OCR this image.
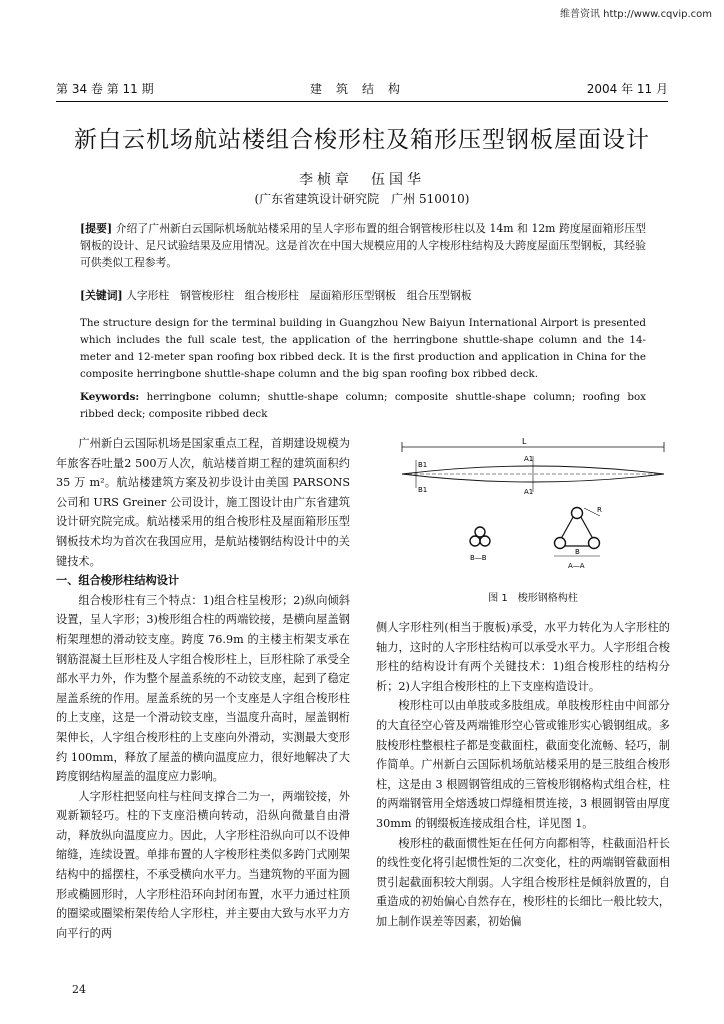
维普资讯 http://www.cqvip.com
第 34 卷 第 11 期	建筑结构	2004 年 11 月
新白云机场航站楼组合梭形柱及箱形压型钢板屋面设计
李桢章　伍国华
(广东省建筑设计研究院　广州 510010)
[提要] 介绍了广州新白云国际机场航站楼采用的呈人字形布置的组合钢管梭形柱以及 14m 和 12m 跨度屋面箱形压型钢板的设计、足尺试验结果及应用情况。这是首次在中国大规模应用的人字梭形柱结构及大跨度屋面压型钢板，其经验可供类似工程参考。
[关键词] 人字形柱　钢管梭形柱　组合梭形柱　屋面箱形压型钢板　组合压型钢板
The structure design for the terminal building in Guangzhou New Baiyun International Airport is presented which includes the full scale test, the application of the herringbone shuttle-shape column and the 14-meter and 12-meter span roofing box ribbed deck. It is the first production and application in China for the composite herringbone shuttle-shape column and the big span roofing box ribbed deck.
Keywords: herringbone column; shuttle-shape column; composite shuttle-shape column; roofing box ribbed deck; composite ribbed deck

广州新白云国际机场是国家重点工程，首期建设规模为年旅客吞吐量2 500万人次，航站楼首期工程的建筑面积约 35 万 m²。航站楼建筑方案及初步设计由美国 PARSONS 公司和 URS Greiner 公司设计，施工图设计由广东省建筑设计研究院完成。航站楼采用的组合梭形柱及屋面箱形压型钢板技术均为首次在我国应用，是航站楼钢结构设计中的关键技术。

一、组合梭形柱结构设计

组合梭形柱有三个特点：1)组合柱呈梭形；2)纵向倾斜设置，呈人字形；3)梭形组合柱的两端铰接，是横向屋盖钢桁架理想的滑动铰支座。跨度 76.9m 的主楼主桁架支承在钢筋混凝土巨形柱及人字组合梭形柱上，巨形柱除了承受全部水平力外，作为整个屋盖系统的不动铰支座，起到了稳定屋盖系统的作用。屋盖系统的另一个支座是人字组合梭形柱的上支座，这是一个滑动铰支座，当温度升高时，屋盖钢桁架伸长，人字组合梭形柱的上支座向外滑动，实测最大变形约 100mm，释放了屋盖的横向温度应力，很好地解决了大跨度钢结构屋盖的温度应力影响。

人字形柱把竖向柱与柱间支撑合二为一，两端铰接，外观新颖轻巧。柱的下支座沿横向转动，沿纵向微量自由滑动，释放纵向温度应力。因此，人字形柱沿纵向可以不设伸缩缝，连续设置。单排布置的人字梭形柱类似多跨门式刚架结构中的摇摆柱，不承受横向水平力。当建筑物的平面为圆形或椭圆形时，人字形柱沿环向封闭布置，水平力通过柱顶的圈梁或圈梁桁架传给人字形柱，并主要由大致与水平力方向平行的两

L
A1
A1
B1
B1
B—B
B
R
A—A
图 1　梭形钢格构柱

侧人字形柱列(相当于腹板)承受，水平力转化为人字形柱的轴力，这时的人字形柱结构可以承受水平力。人字形组合梭形柱的结构设计有两个关键技术：1)组合梭形柱的结构分析；2)人字组合梭形柱的上下支座构造设计。

梭形柱可以由单肢或多肢组成。单肢梭形柱由中间部分的大直径空心管及两端锥形空心管或锥形实心锻钢组成。多肢梭形柱整根柱子都是变截面柱，截面变化流畅、轻巧，制作简单。广州新白云国际机场航站楼采用的是三肢组合梭形柱，这是由 3 根圆钢管组成的三管梭形钢格构式组合柱，柱的两端钢管用全熔透坡口焊缝相贯连接，3 根圆钢管由厚度 30mm 的钢缀板连接成组合柱，详见图 1。

梭形柱的截面惯性矩在任何方向都相等，柱截面沿杆长的线性变化将引起惯性矩的二次变化，柱的两端钢管截面相贯引起截面积较大削弱。人字组合梭形柱是倾斜放置的，自重造成的初始偏心自然存在，梭形柱的长细比一般比较大，加上制作误差等因素，初始偏

24
